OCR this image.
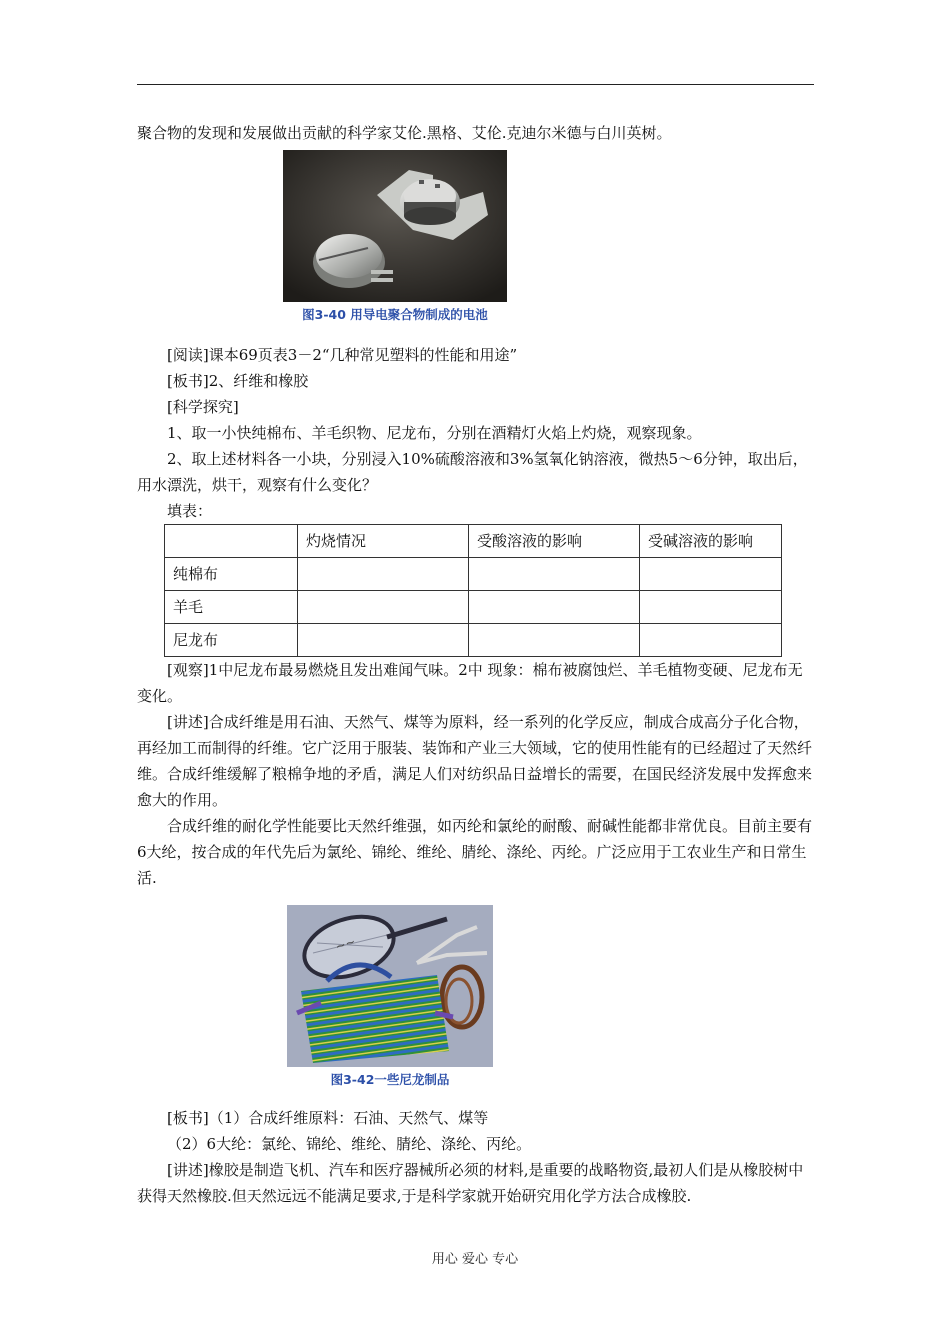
聚合物的发现和发展做出贡献的科学家艾伦.黑格、艾伦.克迪尔米德与白川英树。

图3-40 用导电聚合物制成的电池

[阅读]课本69页表3－2“几种常见塑料的性能和用途”

[板书]2、纤维和橡胶

[科学探究]

1、取一小快纯棉布、羊毛织物、尼龙布，分别在酒精灯火焰上灼烧，观察现象。

2、取上述材料各一小块，分别浸入10%硫酸溶液和3%氢氧化钠溶液，微热5～6分钟，取出后，用水漂洗，烘干，观察有什么变化？

填表：

	灼烧情况	受酸溶液的影响	受碱溶液的影响
纯棉布			
羊毛			
尼龙布			

[观察]1中尼龙布最易燃烧且发出难闻气味。2中 现象：棉布被腐蚀烂、羊毛植物变硬、尼龙布无变化。

[讲述]合成纤维是用石油、天然气、煤等为原料，经一系列的化学反应，制成合成高分子化合物，再经加工而制得的纤维。它广泛用于服装、装饰和产业三大领域，它的使用性能有的已经超过了天然纤维。合成纤维缓解了粮棉争地的矛盾，满足人们对纺织品日益增长的需要，在国民经济发展中发挥愈来愈大的作用。

合成纤维的耐化学性能要比天然纤维强，如丙纶和氯纶的耐酸、耐碱性能都非常优良。目前主要有6大纶，按合成的年代先后为氯纶、锦纶、维纶、腈纶、涤纶、丙纶。广泛应用于工农业生产和日常生活.

~~
图3-42一些尼龙制品

[板书]（1）合成纤维原料：石油、天然气、煤等

（2）6大纶：氯纶、锦纶、维纶、腈纶、涤纶、丙纶。

[讲述]橡胶是制造飞机、汽车和医疗器械所必须的材料,是重要的战略物资,最初人们是从橡胶树中获得天然橡胶.但天然远远不能满足要求,于是科学家就开始研究用化学方法合成橡胶.

用心 爱心 专心
